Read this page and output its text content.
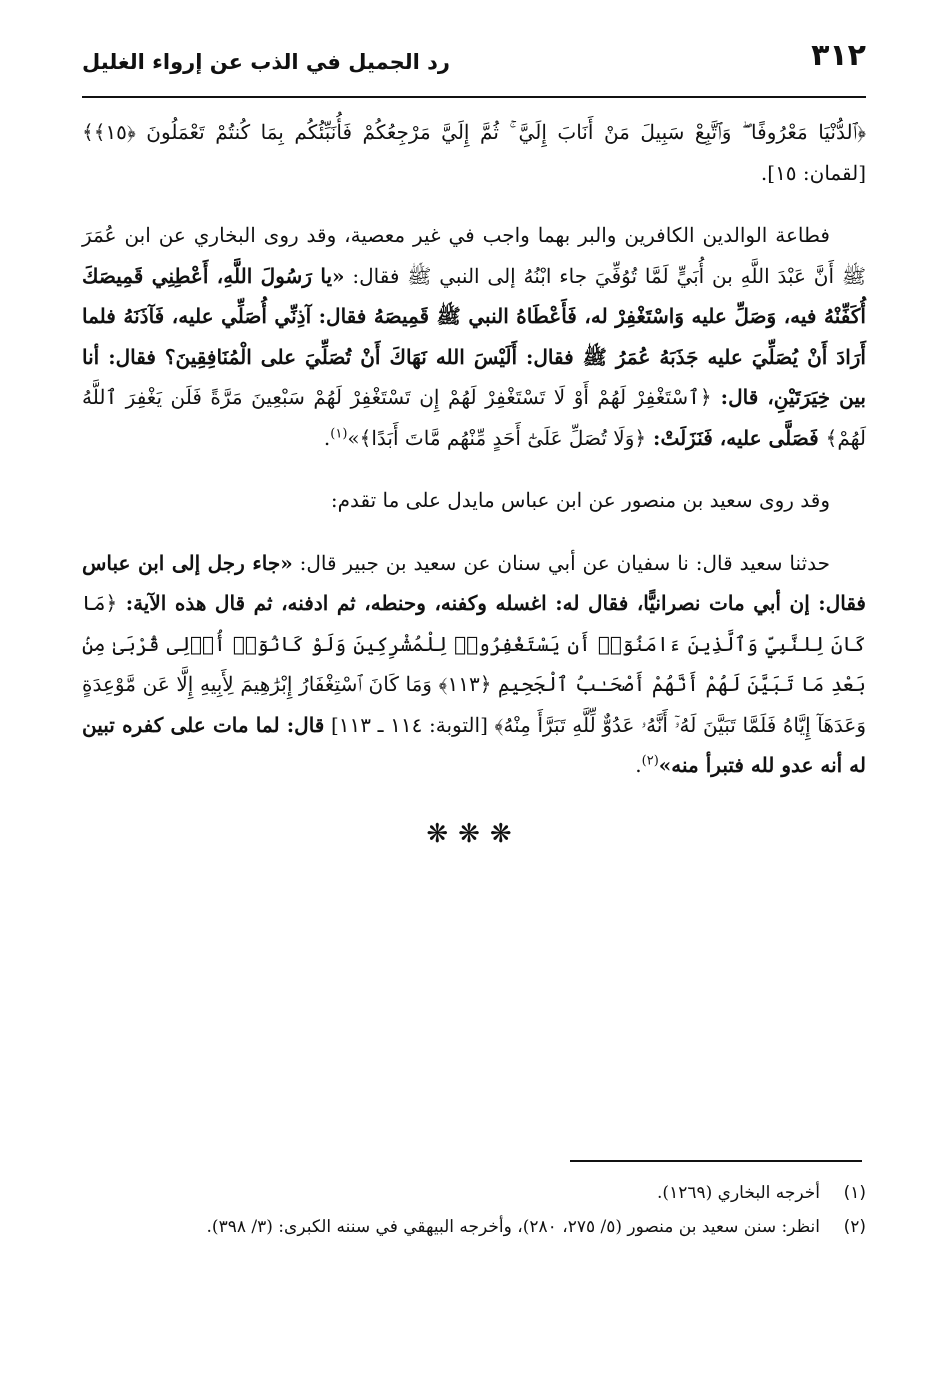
٣١٢
رد الجميل في الذب عن إرواء الغليل

﴿ٱلدُّنْيَا مَعْرُوفًا ۖ وَٱتَّبِعْ سَبِيلَ مَنْ أَنَابَ إِلَيَّ ۚ ثُمَّ إِلَيَّ مَرْجِعُكُمْ فَأُنَبِّئُكُم بِمَا كُنتُمْ تَعْمَلُونَ ﴿١٥﴾﴾ [لقمان: ١٥].

فطاعة الوالدين الكافرين والبر بهما واجب في غير معصية، وقد روى البخاري عن ابن عُمَرَ ﷺ أَنَّ عَبْدَ اللَّهِ بن أُبَيٍّ لَمَّا تُوُفِّيَ جاء ابْنُهُ إلى النبي ﷺ فقال: «يا رَسُولَ اللَّهِ، أَعْطِنِي قَمِيصَكَ أُكَفِّنْهُ فيه، وَصَلِّ عليه وَاسْتَغْفِرْ له، فَأَعْطَاهُ النبي ﷺ قَمِيصَهُ فقال: آذِنِّي أُصَلِّي عليه، فَآذَنَهُ فلما أَرَادَ أَنْ يُصَلِّيَ عليه جَذَبَهُ عُمَرُ ﷺ فقال: أَلَيْسَ الله نَهَاكَ أَنْ تُصَلِّيَ على الْمُنَافِقِينَ؟ فقال: أنا بين خِيَرَتَيْنِ، قال: ﴿ٱسْتَغْفِرْ لَهُمْ أَوْ لَا تَسْتَغْفِرْ لَهُمْ إِن تَسْتَغْفِرْ لَهُمْ سَبْعِينَ مَرَّةً فَلَن يَغْفِرَ ٱللَّهُ لَهُمْ﴾ فَصَلَّى عليه، فَنَزَلَتْ: ﴿وَلَا تُصَلِّ عَلَىٰٓ أَحَدٍ مِّنْهُم مَّاتَ أَبَدًا﴾»$^{(١)}$.

وقد روى سعيد بن منصور عن ابن عباس مايدل على ما تقدم:

حدثنا سعيد قال: نا سفيان عن أبي سنان عن سعيد بن جبير قال: «جاء رجل إلى ابن عباس فقال: إن أبي مات نصرانيًّا، فقال له: اغسله وكفنه، وحنطه، ثم ادفنه، ثم قال هذه الآية: ﴿مَا كَانَ لِلنَّبِيِّ وَٱلَّذِينَ ءَامَنُوٓا۟ أَن يَسْتَغْفِرُوا۟ لِلْمُشْرِكِينَ وَلَوْ كَانُوٓا۟ أُو۟لِى قُرْبَىٰ مِنۢ بَعْدِ مَا تَبَيَّنَ لَهُمْ أَنَّهُمْ أَصْحَـٰبُ ٱلْجَحِيمِ ﴿١١٣﴾ وَمَا كَانَ ٱسْتِغْفَارُ إِبْرَٰهِيمَ لِأَبِيهِ إِلَّا عَن مَّوْعِدَةٍ وَعَدَهَآ إِيَّاهُ فَلَمَّا تَبَيَّنَ لَهُۥٓ أَنَّهُۥ عَدُوٌّ لِّلَّهِ تَبَرَّأَ مِنْهُ﴾ [التوبة: ١١٤ ـ ١١٣] قال: لما مات على كفره تبين له أنه عدو لله فتبرأ منه»$^{(٢)}$.

❋❋❋
(١)
أخرجه البخاري (١٢٦٩).
(٢)
انظر: سنن سعيد بن منصور (٥/ ٢٧٥، ٢٨٠)، وأخرجه البيهقي في سننه الكبرى: (٣/ ٣٩٨).
